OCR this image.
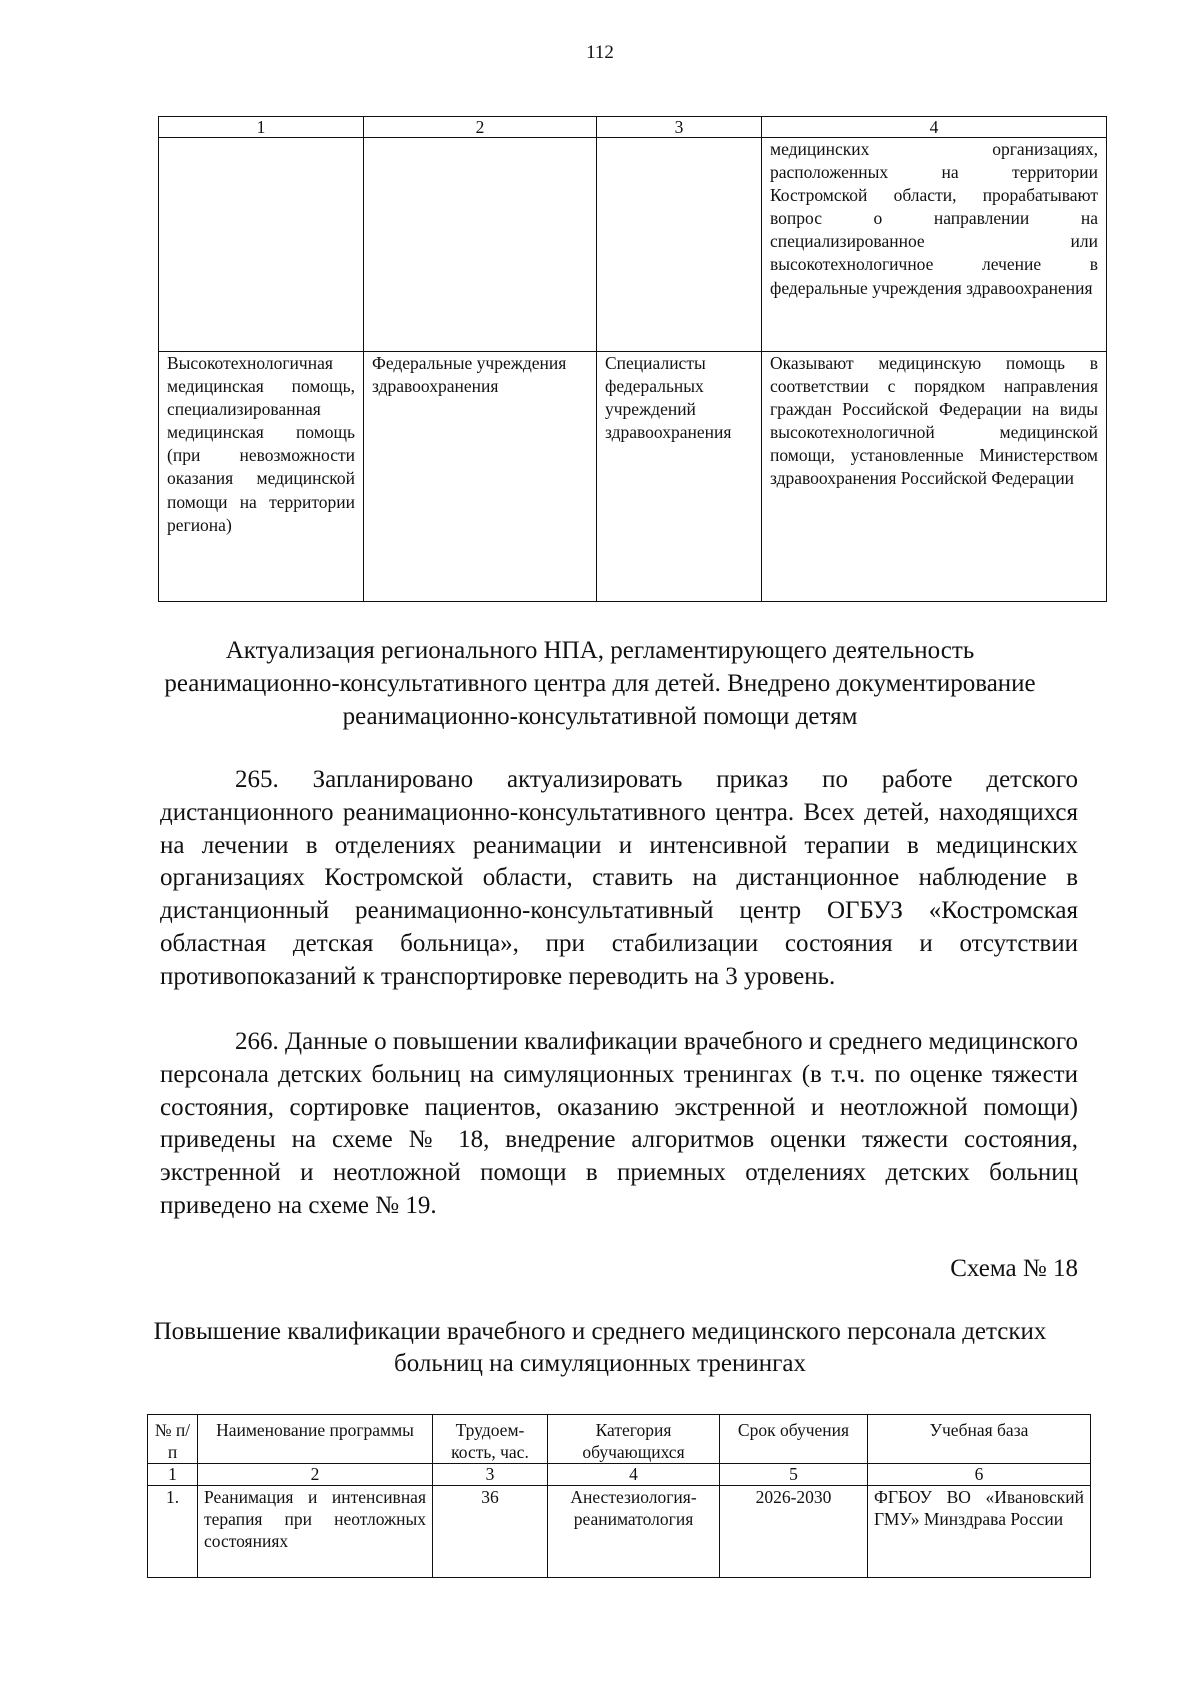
112
1	2	3	4
			медицинских организациях, расположенных на территории Костромской области, прорабатывают вопрос о направлении на специализированное или высокотехнологичное лечение в федеральные учреждения здравоохранения
Высокотехнологичная медицинская помощь, специализированная медицинская помощь (при невозможности оказания медицинской помощи на территории региона)	Федеральные учреждения здравоохранения	Специалисты федеральных учреждений здравоохранения	Оказывают медицинскую помощь в соответствии с порядком направления граждан Российской Федерации на виды высокотехнологичной медицинской помощи, установленные Министерством здравоохранения Российской Федерации
Актуализация регионального НПА, регламентирующего деятельность реанимационно-консультативного центра для детей. Внедрено документирование реанимационно-консультативной помощи детям

265. Запланировано актуализировать приказ по работе детского дистанционного реанимационно-консультативного центра. Всех детей, находящихся на лечении в отделениях реанимации и интенсивной терапии в медицинских организациях Костромской области, ставить на дистанционное наблюдение в дистанционный реанимационно-консультативный центр ОГБУЗ «Костромская областная детская больница», при стабилизации состояния и отсутствии противопоказаний к транспортировке переводить на 3 уровень.

266. Данные о повышении квалификации врачебного и среднего медицинского персонала детских больниц на симуляционных тренингах (в т.ч. по оценке тяжести состояния, сортировке пациентов, оказанию экстренной и неотложной помощи) приведены на схеме № 18, внедрение алгоритмов оценки тяжести состояния, экстренной и неотложной помощи в приемных отделениях детских больниц приведено на схеме № 19.

Схема № 18
Повышение квалификации врачебного и среднего медицинского персонала детских больниц на симуляционных тренингах
№ п/п	Наименование программы	Трудоем-кость, час.	Категория обучающихся	Срок обучения	Учебная база
1	2	3	4	5	6
1.	Реанимация и интенсивная терапия при неотложных состояниях	36	Анестезиология-реаниматология	2026-2030	ФГБОУ ВО «Ивановский ГМУ» Минздрава России
